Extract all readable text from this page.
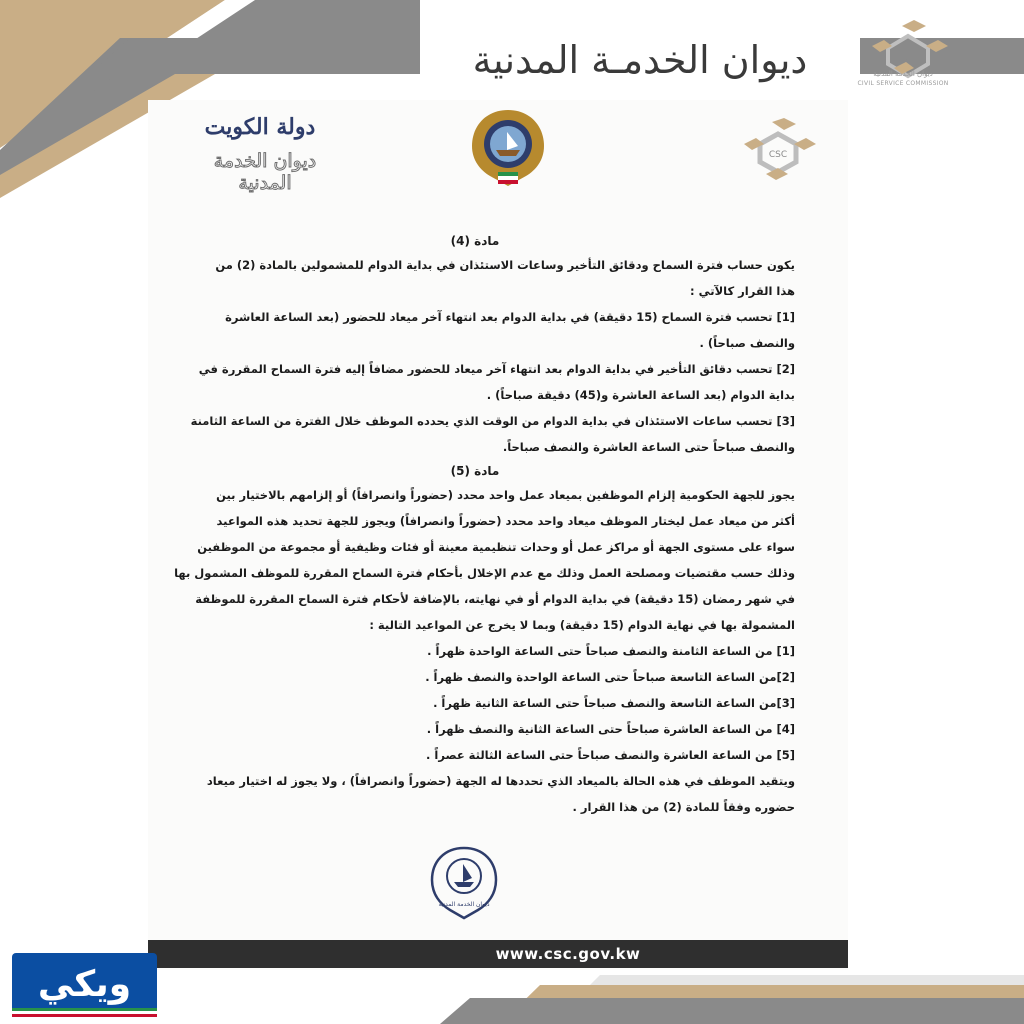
ديوان الخدمـة المدنية	CSC
ديوان الخدمة المدنية
CIVIL SERVICE COMMISSION
دولة الكويت
ديوان الخدمة المدنية
CSC

مادة (4)

يكون حساب فترة السماح ودقائق التأخير وساعات الاستئذان في بداية الدوام للمشمولين بالمادة (2) من

هذا القرار كالآتي :

[1] تحسب فترة السماح (15 دقيقة) في بداية الدوام بعد انتهاء آخر ميعاد للحضور (بعد الساعة العاشرة

والنصف صباحاً) .

[2] تحسب دقائق التأخير في بداية الدوام بعد انتهاء آخر ميعاد للحضور مضافاً إليه فترة السماح المقررة في

بداية الدوام (بعد الساعة العاشرة و(45) دقيقة صباحاً) .

[3] تحسب ساعات الاستئذان في بداية الدوام من الوقت الذي يحدده الموظف خلال الفترة من الساعة الثامنة

والنصف صباحاً حتى الساعة العاشرة والنصف صباحاً.

مادة (5)

يجوز للجهة الحكومية إلزام الموظفين بميعاد عمل واحد محدد (حضوراً وانصرافاً) أو إلزامهم بالاختيار بين

أكثر من ميعاد عمل ليختار الموظف ميعاد واحد محدد (حضوراً وانصرافاً) ويجوز للجهة تحديد هذه المواعيد

سواء على مستوى الجهة أو مراكز عمل أو وحدات تنظيمية معينة أو فئات وظيفية أو مجموعة من الموظفين

وذلك حسب مقتضيات ومصلحة العمل وذلك مع عدم الإخلال بأحكام فترة السماح المقررة للموظف المشمول بها

في شهر رمضان (15 دقيقة) في بداية الدوام أو في نهايته، بالإضافة لأحكام فترة السماح المقررة للموظفة

المشمولة بها في نهاية الدوام (15 دقيقة) وبما لا يخرج عن المواعيد التالية :

[1] من الساعة الثامنة والنصف صباحاً حتى الساعة الواحدة ظهراً .

[2]من الساعة التاسعة صباحاً حتى الساعة الواحدة والنصف ظهراً .

[3]من الساعة التاسعة والنصف صباحاً حتى الساعة الثانية ظهراً .

[4] من الساعة العاشرة صباحاً حتى الساعة الثانية والنصف ظهراً .

[5] من الساعة العاشرة والنصف صباحاً حتى الساعة الثالثة عصراً .

ويتقيد الموظف في هذه الحالة بالميعاد الذي تحددها له الجهة (حضوراً وانصرافاً) ، ولا يجوز له اختيار ميعاد

حضوره وفقاً للمادة (2) من هذا القرار .

ديوان الخدمة المدنية
www.csc.gov.kw
ويكي
